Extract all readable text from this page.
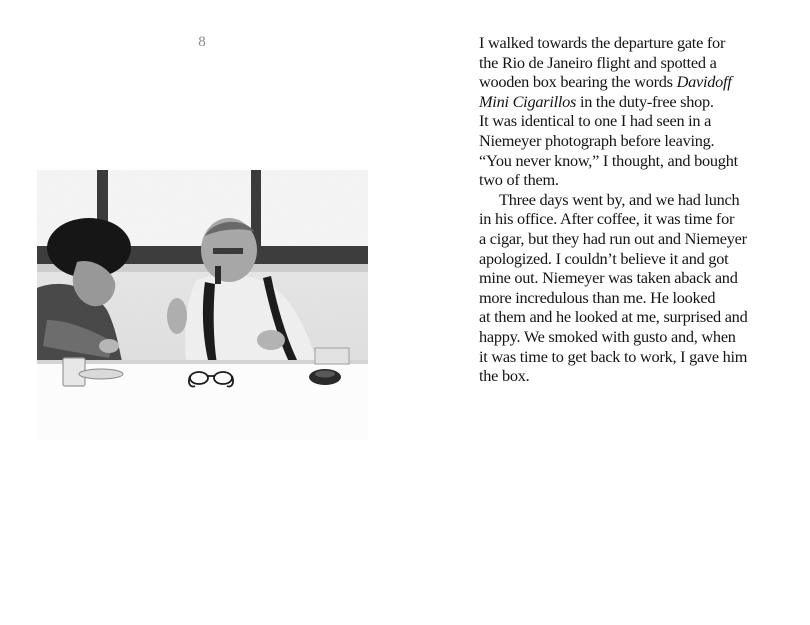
8	I walked towards the departure gate for
the Rio de Janeiro flight and spotted a
wooden box bearing the words Davidoff
Mini Cigarillos in the duty-free shop.
It was identical to one I had seen in a
Niemeyer photograph before leaving.
“You never know,” I thought, and bought
two of them.

Three days went by, and we had lunch
in his office. After coffee, it was time for
a cigar, but they had run out and Niemeyer
apologized. I couldn’t believe it and got
mine out. Niemeyer was taken aback and
more incredulous than me. He looked
at them and he looked at me, surprised and
happy. We smoked with gusto and, when
it was time to get back to work, I gave him
the box.
